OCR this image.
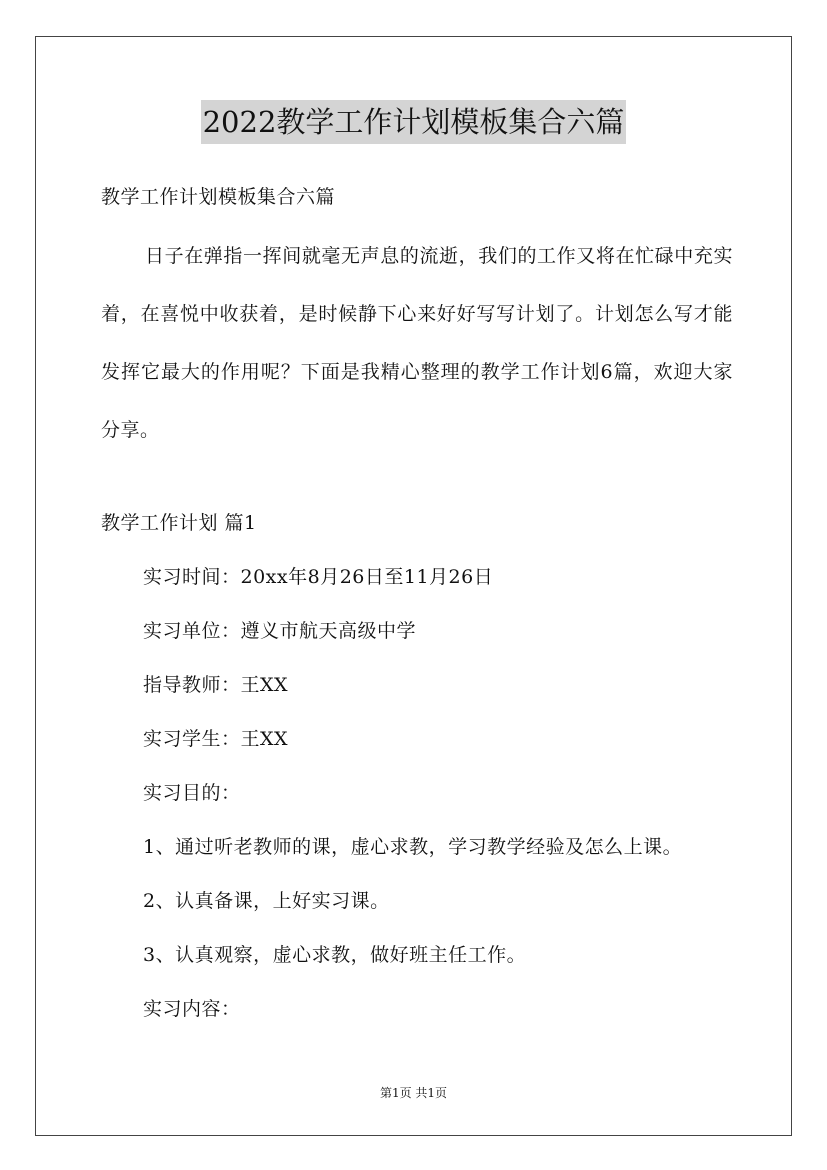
2022教学工作计划模板集合六篇
教学工作计划模板集合六篇
日子在弹指一挥间就毫无声息的流逝，我们的工作又将在忙碌中充实着，在喜悦中收获着，是时候静下心来好好写写计划了。计划怎么写才能发挥它最大的作用呢？下面是我精心整理的教学工作计划6篇，欢迎大家分享。
教学工作计划 篇1
实习时间：20xx年8月26日至11月26日
实习单位：遵义市航天高级中学
指导教师：王XX
实习学生：王XX
实习目的：
1、通过听老教师的课，虚心求教，学习教学经验及怎么上课。
2、认真备课，上好实习课。
3、认真观察，虚心求教，做好班主任工作。
实习内容：
第1页 共1页
